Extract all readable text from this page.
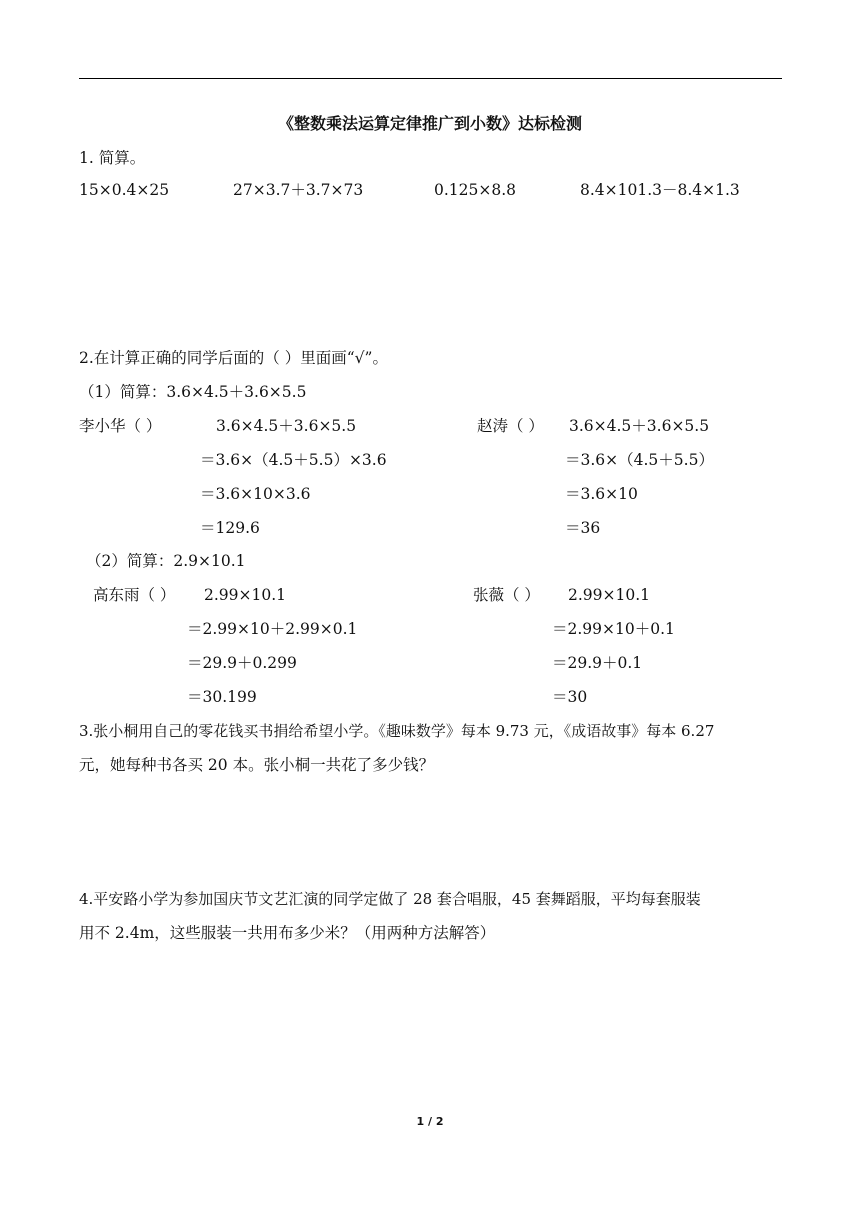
《整数乘法运算定律推广到小数》达标检测
1. 简算。
15×0.4×25	27×3.7＋3.7×73	0.125×8.8	8.4×101.3－8.4×1.3
2.在计算正确的同学后面的（ ）里面画“√”。
（1）简算：3.6×4.5＋3.6×5.5
李小华（ ）	3.6×4.5＋3.6×5.5
＝3.6×（4.5＋5.5）×3.6
＝3.6×10×3.6
＝129.6
赵涛（ ） 3.6×4.5＋3.6×5.5
＝3.6×（4.5＋5.5）
＝3.6×10
＝36
（2）简算：2.9×10.1
高东雨（ ） 2.99×10.1
＝2.99×10＋2.99×0.1
＝29.9＋0.299
＝30.199
张薇（ ） 2.99×10.1
＝2.99×10＋0.1
＝29.9＋0.1
＝30
3.张小桐用自己的零花钱买书捐给希望小学。《趣味数学》每本 9.73 元，《成语故事》每本 6.27
元，她每种书各买 20 本。张小桐一共花了多少钱？
4.平安路小学为参加国庆节文艺汇演的同学定做了 28 套合唱服，45 套舞蹈服，平均每套服装
用不 2.4m，这些服装一共用布多少米？（用两种方法解答）
1 / 2
